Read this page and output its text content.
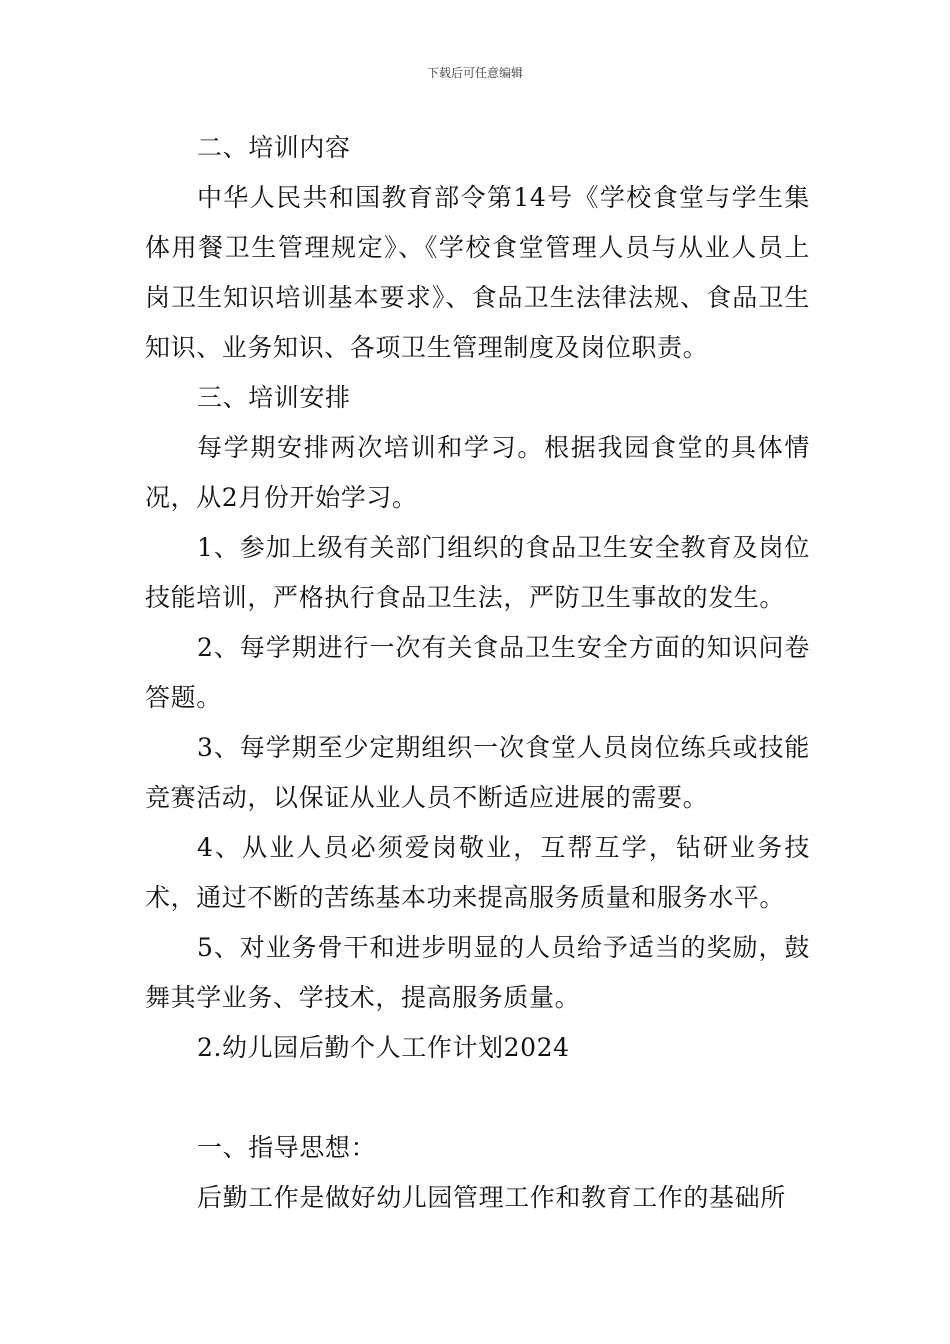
下载后可任意编辑

二、培训内容

中华人民共和国教育部令第14号《学校食堂与学生集体用餐卫生管理规定》、《学校食堂管理人员与从业人员上岗卫生知识培训基本要求》、食品卫生法律法规、食品卫生知识、业务知识、各项卫生管理制度及岗位职责。

三、培训安排

每学期安排两次培训和学习。根据我园食堂的具体情况，从2月份开始学习。

1、参加上级有关部门组织的食品卫生安全教育及岗位技能培训，严格执行食品卫生法，严防卫生事故的发生。

2、每学期进行一次有关食品卫生安全方面的知识问卷答题。

3、每学期至少定期组织一次食堂人员岗位练兵或技能竞赛活动，以保证从业人员不断适应进展的需要。

4、从业人员必须爱岗敬业，互帮互学，钻研业务技术，通过不断的苦练基本功来提高服务质量和服务水平。

5、对业务骨干和进步明显的人员给予适当的奖励，鼓舞其学业务、学技术，提高服务质量。

2.幼儿园后勤个人工作计划2024

一、指导思想：

后勤工作是做好幼儿园管理工作和教育工作的基础所
